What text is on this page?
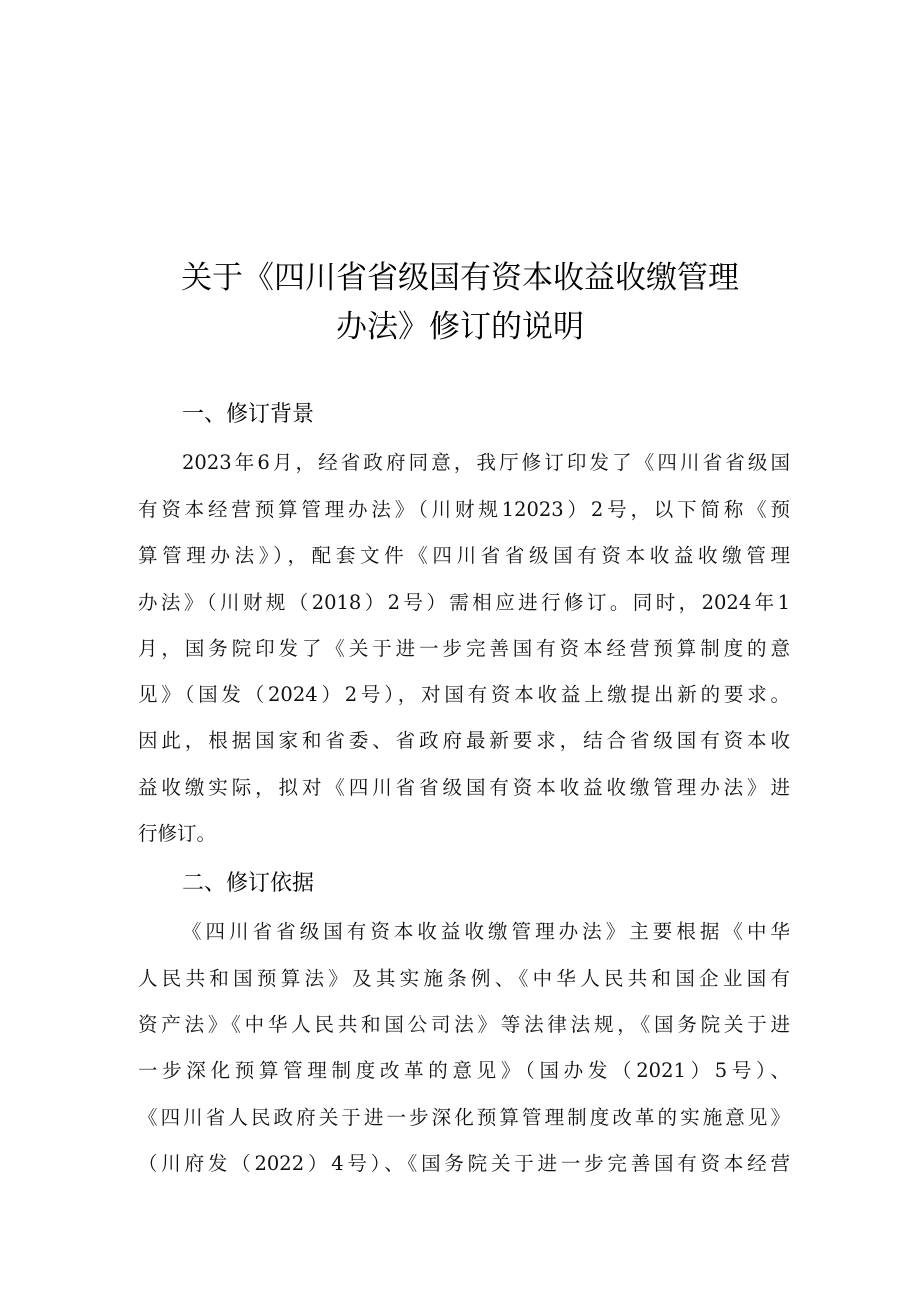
关于《四川省省级国有资本收益收缴管理
办法》修订的说明
一、修订背景
2023年6月，经省政府同意，我厅修订印发了《四川省省级国
有资本经营预算管理办法》（川财规12023）2号，以下简称《预
算管理办法》），配套文件《四川省省级国有资本收益收缴管理
办法》（川财规（2018）2号）需相应进行修订。同时，2024年1
月，国务院印发了《关于进一步完善国有资本经营预算制度的意
见》（国发（2024）2号），对国有资本收益上缴提出新的要求。
因此，根据国家和省委、省政府最新要求，结合省级国有资本收
益收缴实际，拟对《四川省省级国有资本收益收缴管理办法》进
行修订。
二、修订依据
《四川省省级国有资本收益收缴管理办法》主要根据《中华
人民共和国预算法》及其实施条例、《中华人民共和国企业国有
资产法》《中华人民共和国公司法》等法律法规，《国务院关于进
一步深化预算管理制度改革的意见》（国办发（2021）5号）、
《四川省人民政府关于进一步深化预算管理制度改革的实施意见》
（川府发（2022）4号）、《国务院关于进一步完善国有资本经营
